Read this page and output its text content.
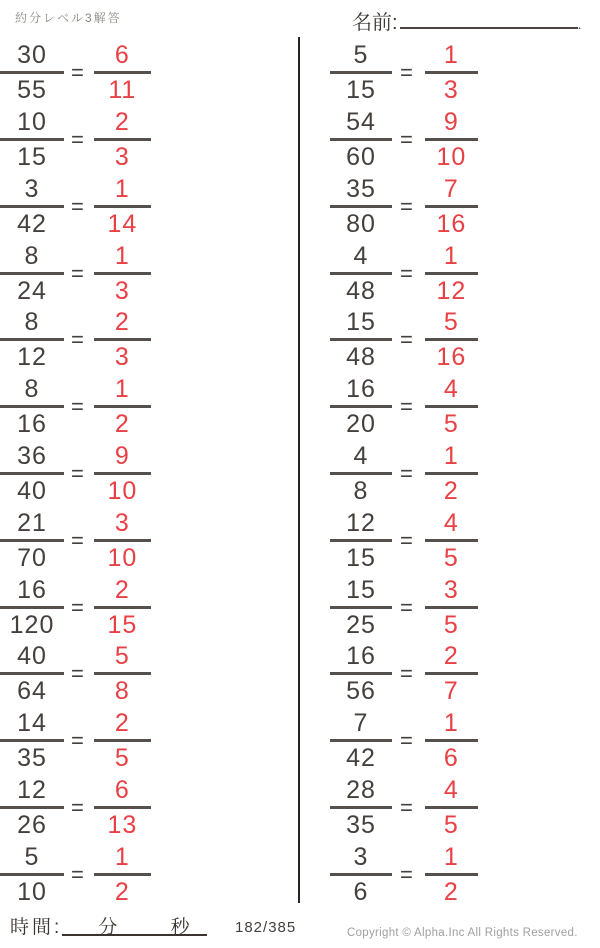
約分レベル3解答	名前:	.
$\frac{30}{55} = \frac{6}{11}$
$\frac{10}{15} = \frac{2}{3}$
$\frac{3}{42} = \frac{1}{14}$
$\frac{8}{24} = \frac{1}{3}$
$\frac{8}{12} = \frac{2}{3}$
$\frac{8}{16} = \frac{1}{2}$
$\frac{36}{40} = \frac{9}{10}$
$\frac{21}{70} = \frac{3}{10}$
$\frac{16}{120} = \frac{2}{15}$
$\frac{40}{64} = \frac{5}{8}$
$\frac{14}{35} = \frac{2}{5}$
$\frac{12}{26} = \frac{6}{13}$
$\frac{5}{10} = \frac{1}{2}$
$\frac{5}{15} = \frac{1}{3}$
$\frac{54}{60} = \frac{9}{10}$
$\frac{35}{80} = \frac{7}{16}$
$\frac{4}{48} = \frac{1}{12}$
$\frac{15}{48} = \frac{5}{16}$
$\frac{16}{20} = \frac{4}{5}$
$\frac{4}{8} = \frac{1}{2}$
$\frac{12}{15} = \frac{4}{5}$
$\frac{15}{25} = \frac{3}{5}$
$\frac{16}{56} = \frac{2}{7}$
$\frac{7}{42} = \frac{1}{6}$
$\frac{28}{35} = \frac{4}{5}$
$\frac{3}{6} = \frac{1}{2}$
時間:	分	秒	182/385	Copyright © Alpha.Inc All Rights Reserved.
